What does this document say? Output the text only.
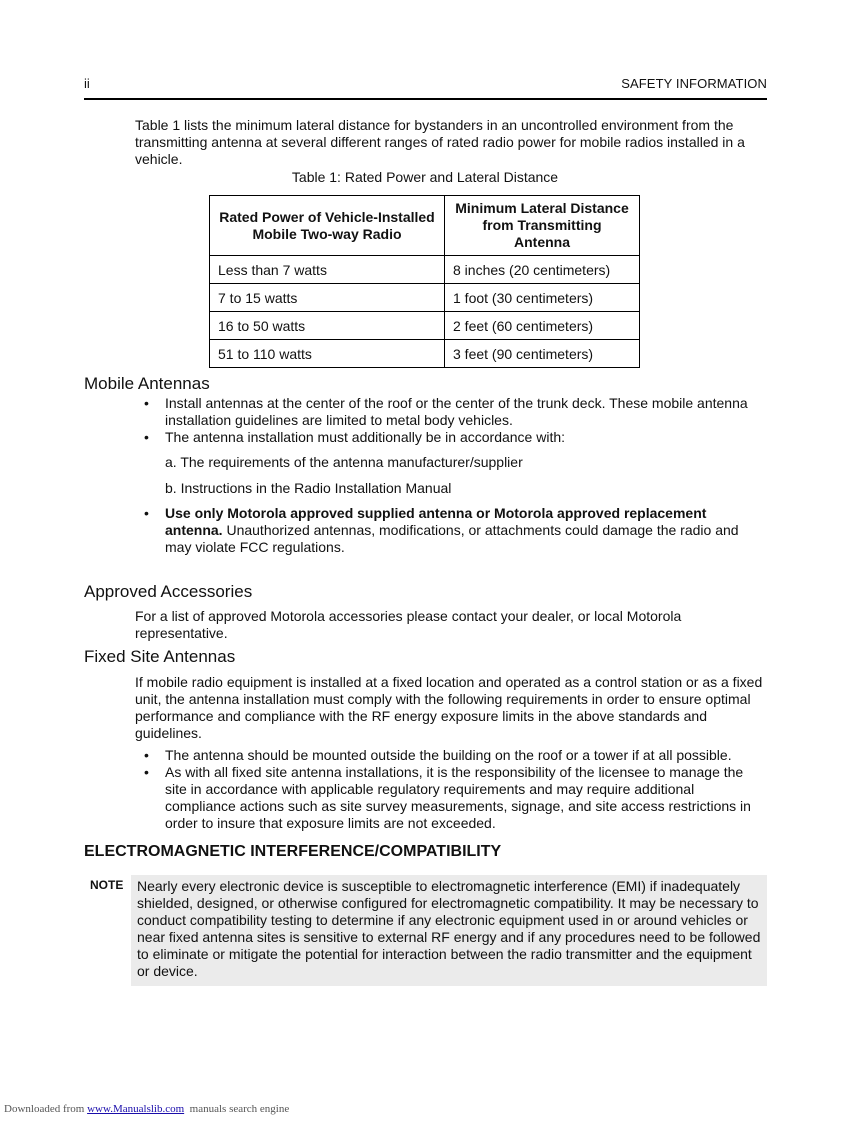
ii	SAFETY INFORMATION
Table 1 lists the minimum lateral distance for bystanders in an uncontrolled environment from the transmitting antenna at several different ranges of rated radio power for mobile radios installed in a vehicle.
Table 1: Rated Power and Lateral Distance
Rated Power of Vehicle-Installed Mobile Two-way Radio	Minimum Lateral Distance from Transmitting Antenna
Less than 7 watts	8 inches (20 centimeters)
7 to 15 watts	1 foot (30 centimeters)
16 to 50 watts	2 feet (60 centimeters)
51 to 110 watts	3 feet (90 centimeters)
Mobile Antennas
• Install antennas at the center of the roof or the center of the trunk deck. These mobile antenna installation guidelines are limited to metal body vehicles.
• The antenna installation must additionally be in accordance with:
a. The requirements of the antenna manufacturer/supplier
b. Instructions in the Radio Installation Manual
• Use only Motorola approved supplied antenna or Motorola approved replacement antenna. Unauthorized antennas, modifications, or attachments could damage the radio and may violate FCC regulations.
Approved Accessories
For a list of approved Motorola accessories please contact your dealer, or local Motorola representative.
Fixed Site Antennas
If mobile radio equipment is installed at a fixed location and operated as a control station or as a fixed unit, the antenna installation must comply with the following requirements in order to ensure optimal performance and compliance with the RF energy exposure limits in the above standards and guidelines.
• The antenna should be mounted outside the building on the roof or a tower if at all possible.
• As with all fixed site antenna installations, it is the responsibility of the licensee to manage the site in accordance with applicable regulatory requirements and may require additional compliance actions such as site survey measurements, signage, and site access restrictions in order to insure that exposure limits are not exceeded.
ELECTROMAGNETIC INTERFERENCE/COMPATIBILITY
NOTE Nearly every electronic device is susceptible to electromagnetic interference (EMI) if inadequately shielded, designed, or otherwise configured for electromagnetic compatibility. It may be necessary to conduct compatibility testing to determine if any electronic equipment used in or around vehicles or near fixed antenna sites is sensitive to external RF energy and if any procedures need to be followed to eliminate or mitigate the potential for interaction between the radio transmitter and the equipment or device.
Downloaded from www.Manualslib.com  manuals search engine
